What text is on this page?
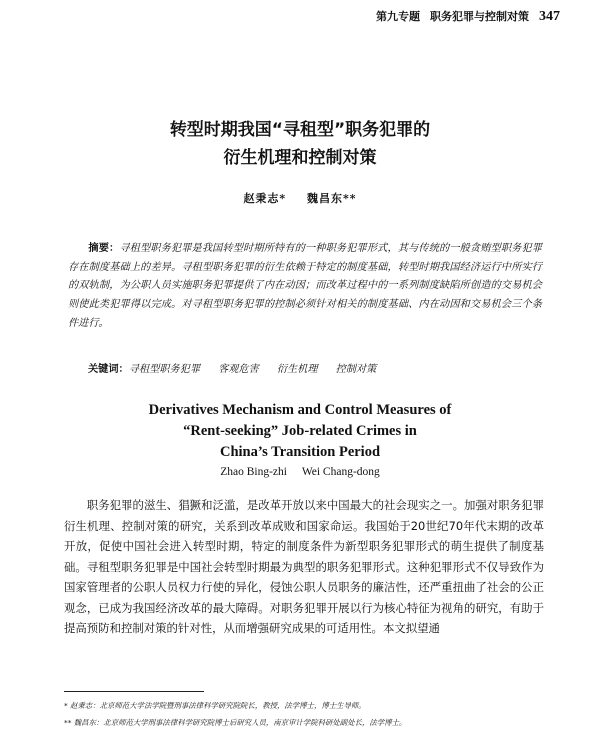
第九专题 职务犯罪与控制对策 347
转型时期我国“寻租型”职务犯罪的
衍生机理和控制对策
赵秉志* 魏昌东**

摘要：寻租型职务犯罪是我国转型时期所特有的一种职务犯罪形式，其与传统的一般贪贿型职务犯罪存在制度基础上的差异。寻租型职务犯罪的衍生依赖于特定的制度基础，转型时期我国经济运行中所实行的双轨制，为公职人员实施职务犯罪提供了内在动因；而改革过程中的一系列制度缺陷所创造的交易机会则使此类犯罪得以完成。对寻租型职务犯罪的控制必须针对相关的制度基础、内在动因和交易机会三个条件进行。

关键词：寻租型职务犯罪 客观危害 衍生机理 控制对策
Derivatives Mechanism and Control Measures of
“Rent-seeking” Job-related Crimes in
China’s Transition Period
Zhao Bing-zhi Wei Chang-dong

职务犯罪的滋生、猖獗和泛滥，是改革开放以来中国最大的社会现实之一。加强对职务犯罪衍生机理、控制对策的研究，关系到改革成败和国家命运。我国始于20世纪70年代末期的改革开放，促使中国社会进入转型时期，特定的制度条件为新型职务犯罪形式的萌生提供了制度基础。寻租型职务犯罪是中国社会转型时期最为典型的职务犯罪形式。这种犯罪形式不仅导致作为国家管理者的公职人员权力行使的异化，侵蚀公职人员职务的廉洁性，还严重扭曲了社会的公正观念，已成为我国经济改革的最大障碍。对职务犯罪开展以行为核心特征为视角的研究，有助于提高预防和控制对策的针对性，从而增强研究成果的可适用性。本文拟望通

* 赵秉志：北京师范大学法学院暨刑事法律科学研究院院长，教授，法学博士，博士生导师。
** 魏昌东：北京师范大学刑事法律科学研究院博士后研究人员，南京审计学院科研处副处长，法学博士。
